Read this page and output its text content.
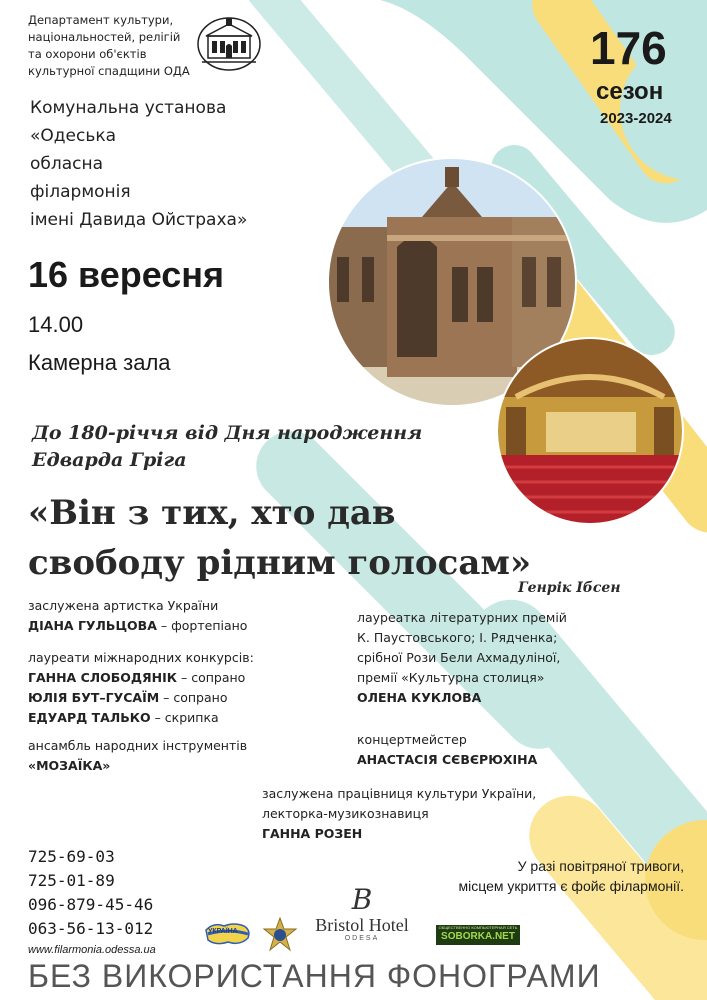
Департамент культури,
національностей, релігій
та охорони об'єктів
культурної спадщини ОДА
Комунальна установа
«Одеська
обласна
філармонія
імені Давида Ойстраха»
176
сезон
2023-2024
16 вересня
14.00
Камерна зала
До 180-річчя від Дня народження
Едварда Гріга
«Він з тих, хто дав
свободу рідним голосам»
Генрік Ібсен
заслужена артистка України
ДІАНА ГУЛЬЦОВА – фортепіано
лауреати міжнародних конкурсів:
ГАННА СЛОБОДЯНІК – сопрано
ЮЛІЯ БУТ–ГУСАЇМ – сопрано
ЕДУАРД ТАЛЬКО – скрипка
ансамбль народних інструментів
«МОЗАЇКА»
лауреатка літературних премій
К. Паустовського; І. Рядченка;
срібної Рози Бели Ахмадуліної,
премії «Культурна столиця»
ОЛЕНА КУКЛОВА
концертмейстер
АНАСТАСІЯ СЄВЄРЮХІНА
заслужена працівниця культури України,
лекторка-музикознавиця
ГАННА РОЗЕН
725-69-03
725-01-89
096-879-45-46
063-56-13-012
www.filarmonia.odessa.ua
У разі повітряної тривоги,
місцем укриття є фойє філармонії.
УКРАЇНА
B
Bristol Hotel
ODESA
ОБЩЕСТВЕННО КОМПЬЮТЕРНАЯ СЕТЬ
SOBORKA.NET
БЕЗ ВИКОРИСТАННЯ ФОНОГРАМИ
